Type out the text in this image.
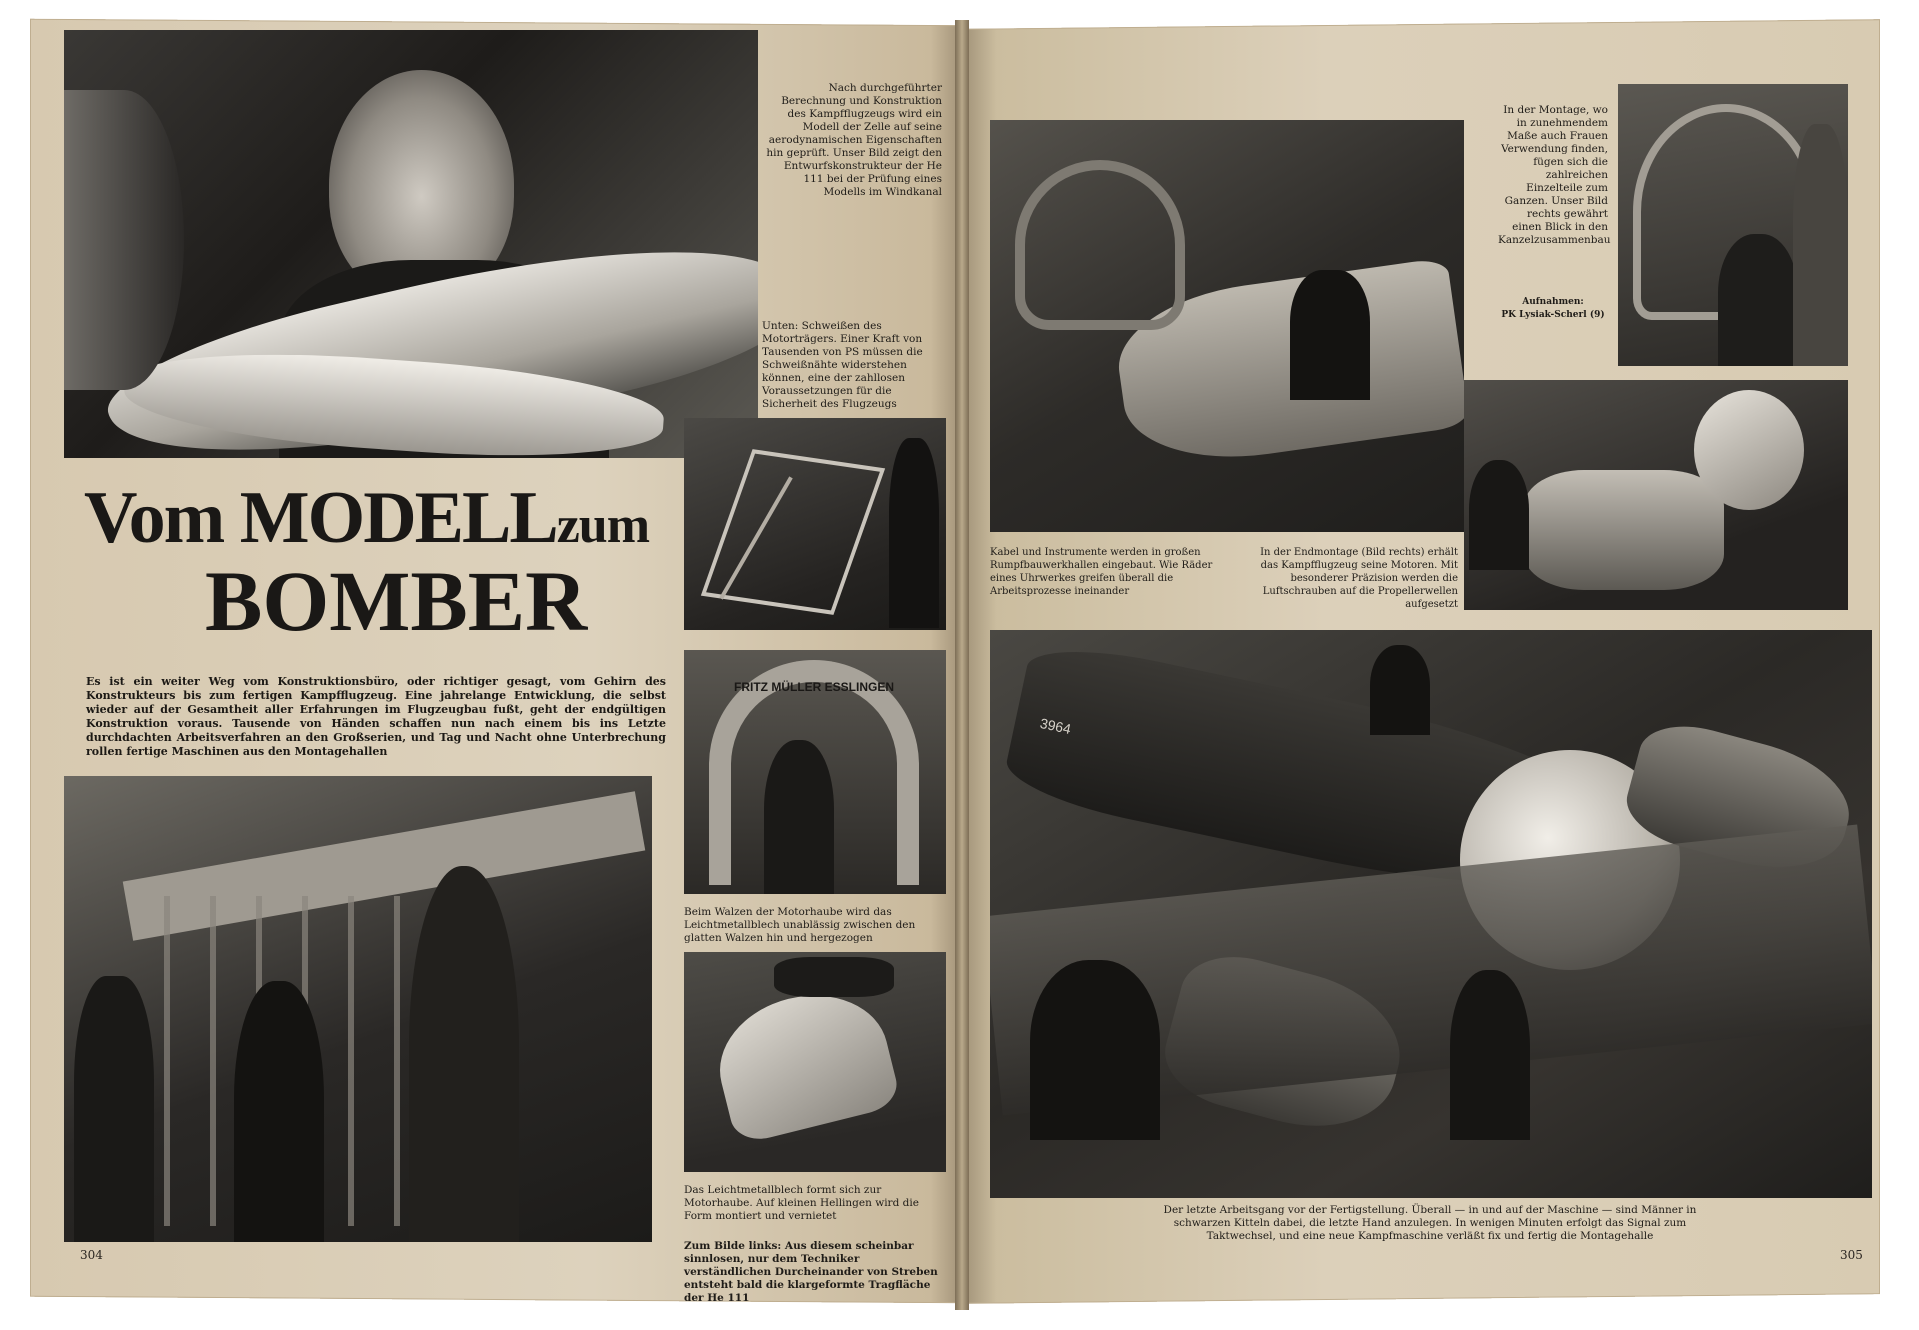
Nach durchgeführter Berechnung und Konstruktion des Kampfflugzeugs wird ein Modell der Zelle auf seine aerodynamischen Eigenschaften hin geprüft. Unser Bild zeigt den Entwurfskonstrukteur der He 111 bei der Prüfung eines Modells im Windkanal
Unten: Schweißen des Motorträgers. Einer Kraft von Tausenden von PS müssen die Schweißnähte widerstehen können, eine der zahllosen Voraussetzungen für die Sicherheit des Flugzeugs
Vom MODELLzum
BOMBER
Es ist ein weiter Weg vom Konstruktionsbüro, oder richtiger gesagt, vom Gehirn des Konstrukteurs bis zum fertigen Kampfflugzeug. Eine jahrelange Entwicklung, die selbst wieder auf der Gesamtheit aller Erfahrungen im Flugzeugbau fußt, geht der endgültigen Konstruktion voraus. Tausende von Händen schaffen nun nach einem bis ins Letzte durchdachten Arbeitsverfahren an den Großserien, und Tag und Nacht ohne Unterbrechung rollen fertige Maschinen aus den Montagehallen
FRITZ MÜLLER ESSLINGEN
Beim Walzen der Motorhaube wird das Leichtmetallblech unablässig zwischen den glatten Walzen hin und hergezogen
Das Leichtmetallblech formt sich zur Motorhaube. Auf kleinen Hellingen wird die Form montiert und vernietet
Zum Bilde links: Aus diesem scheinbar sinnlosen, nur dem Techniker verständlichen Durcheinander von Streben entsteht bald die klargeformte Tragfläche der He 111
304
Kabel und Instrumente werden in großen Rumpfbauwerkhallen eingebaut. Wie Räder eines Uhrwerkes greifen überall die Arbeitsprozesse ineinander
In der Montage, wo in zunehmendem Maße auch Frauen Verwendung finden, fügen sich die zahlreichen Einzelteile zum Ganzen. Unser Bild rechts gewährt einen Blick in den Kanzelzusammenbau
Aufnahmen:
PK Lysiak-Scherl (9)
In der Endmontage (Bild rechts) erhält das Kampfflugzeug seine Motoren. Mit besonderer Präzision werden die Luftschrauben auf die Propellerwellen aufgesetzt
3964
Der letzte Arbeitsgang vor der Fertigstellung. Überall — in und auf der Maschine — sind Männer in schwarzen Kitteln dabei, die letzte Hand anzulegen. In wenigen Minuten erfolgt das Signal zum Taktwechsel, und eine neue Kampfmaschine verläßt fix und fertig die Montagehalle
305
